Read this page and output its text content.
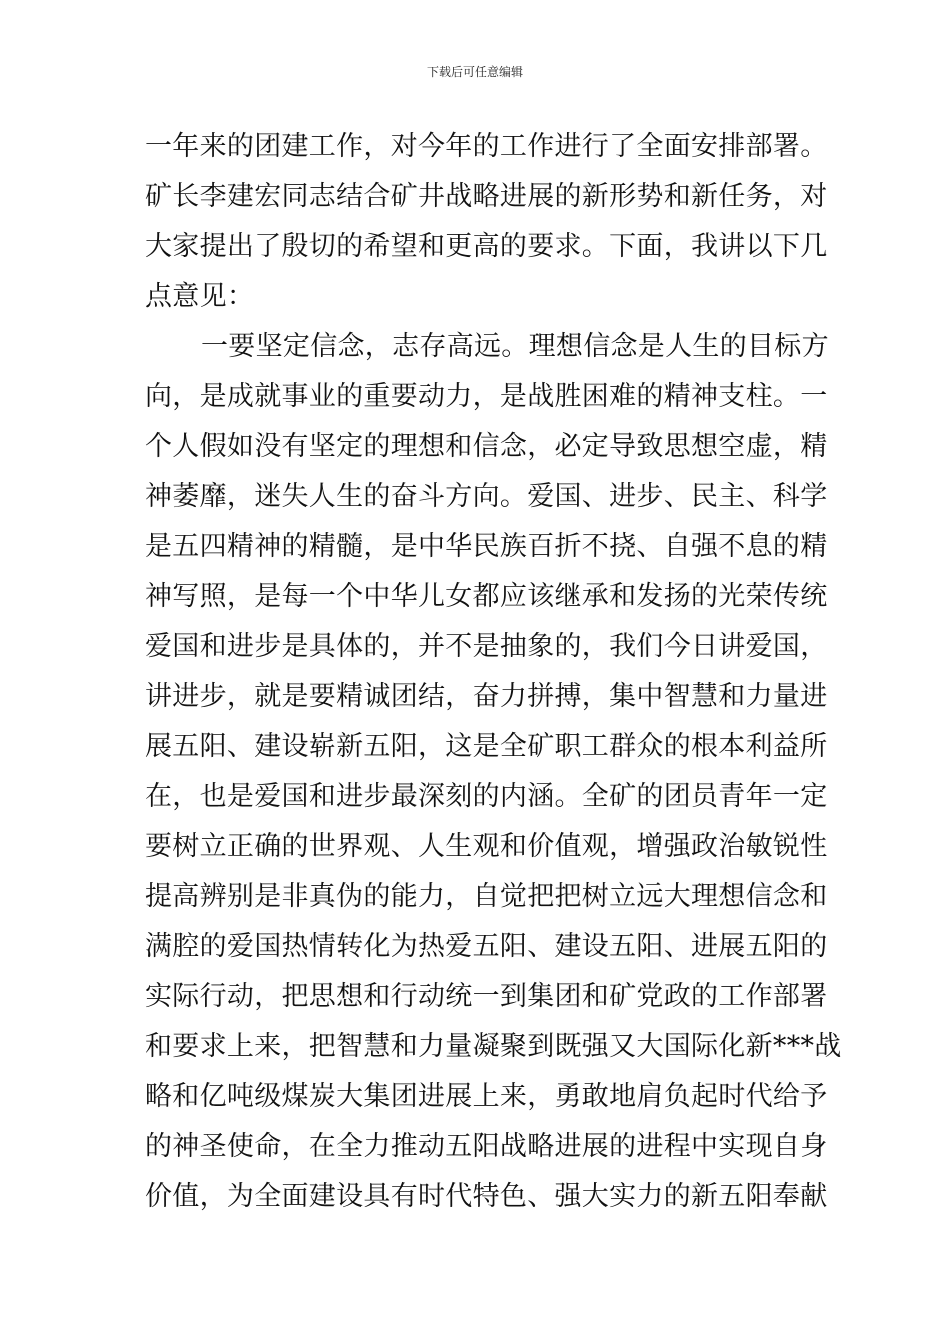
下载后可任意编辑
一年来的团建工作，对今年的工作进行了全面安排部署。
矿长李建宏同志结合矿井战略进展的新形势和新任务，对
大家提出了殷切的希望和更高的要求。下面，我讲以下几
点意见：
一要坚定信念，志存高远。理想信念是人生的目标方
向，是成就事业的重要动力，是战胜困难的精神支柱。一
个人假如没有坚定的理想和信念，必定导致思想空虚，精
神萎靡，迷失人生的奋斗方向。爱国、进步、民主、科学
是五四精神的精髓，是中华民族百折不挠、自强不息的精
神写照，是每一个中华儿女都应该继承和发扬的光荣传统
爱国和进步是具体的，并不是抽象的，我们今日讲爱国，
讲进步，就是要精诚团结，奋力拼搏，集中智慧和力量进
展五阳、建设崭新五阳，这是全矿职工群众的根本利益所
在，也是爱国和进步最深刻的内涵。全矿的团员青年一定
要树立正确的世界观、人生观和价值观，增强政治敏锐性
提高辨别是非真伪的能力，自觉把把树立远大理想信念和
满腔的爱国热情转化为热爱五阳、建设五阳、进展五阳的
实际行动，把思想和行动统一到集团和矿党政的工作部署
和要求上来，把智慧和力量凝聚到既强又大国际化新***战
略和亿吨级煤炭大集团进展上来，勇敢地肩负起时代给予
的神圣使命，在全力推动五阳战略进展的进程中实现自身
价值，为全面建设具有时代特色、强大实力的新五阳奉献
